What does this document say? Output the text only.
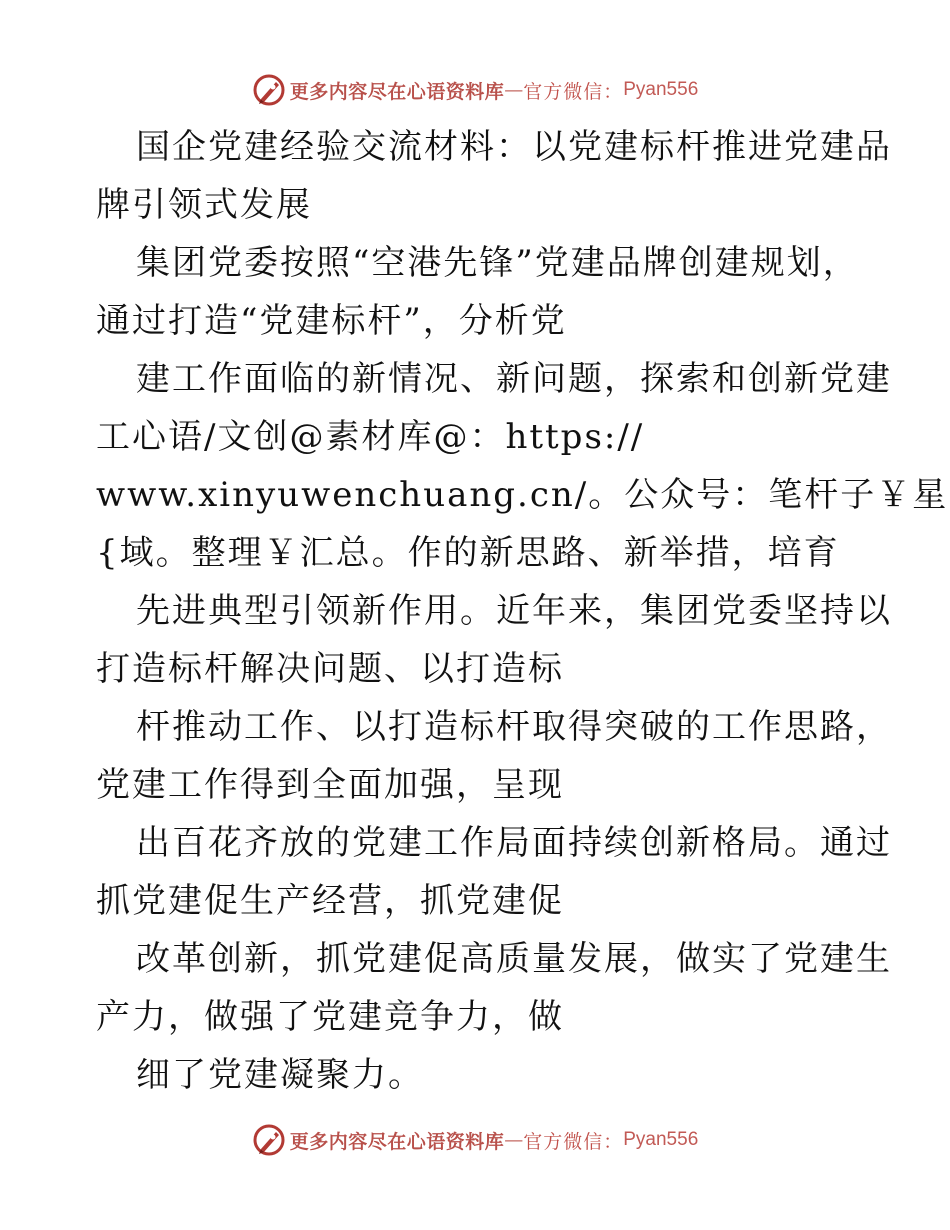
更多内容尽在心语资料库 — 官方微信： Pyan556
国企党建经验交流材料：以党建标杆推进党建品
牌引领式发展
集团党委按照“空港先锋”党建品牌创建规划，
通过打造“党建标杆”，分析党
建工作面临的新情况、新问题，探索和创新党建
工心语/文创@素材库@：https://
www.xinyuwenchuang.cn/。公众号：笔杆子￥星
{域。整理￥汇总。作的新思路、新举措，培育
先进典型引领新作用。近年来，集团党委坚持以
打造标杆解决问题、以打造标
杆推动工作、以打造标杆取得突破的工作思路，
党建工作得到全面加强，呈现
出百花齐放的党建工作局面持续创新格局。通过
抓党建促生产经营，抓党建促
改革创新，抓党建促高质量发展，做实了党建生
产力，做强了党建竞争力，做
细了党建凝聚力。
更多内容尽在心语资料库 — 官方微信： Pyan556
